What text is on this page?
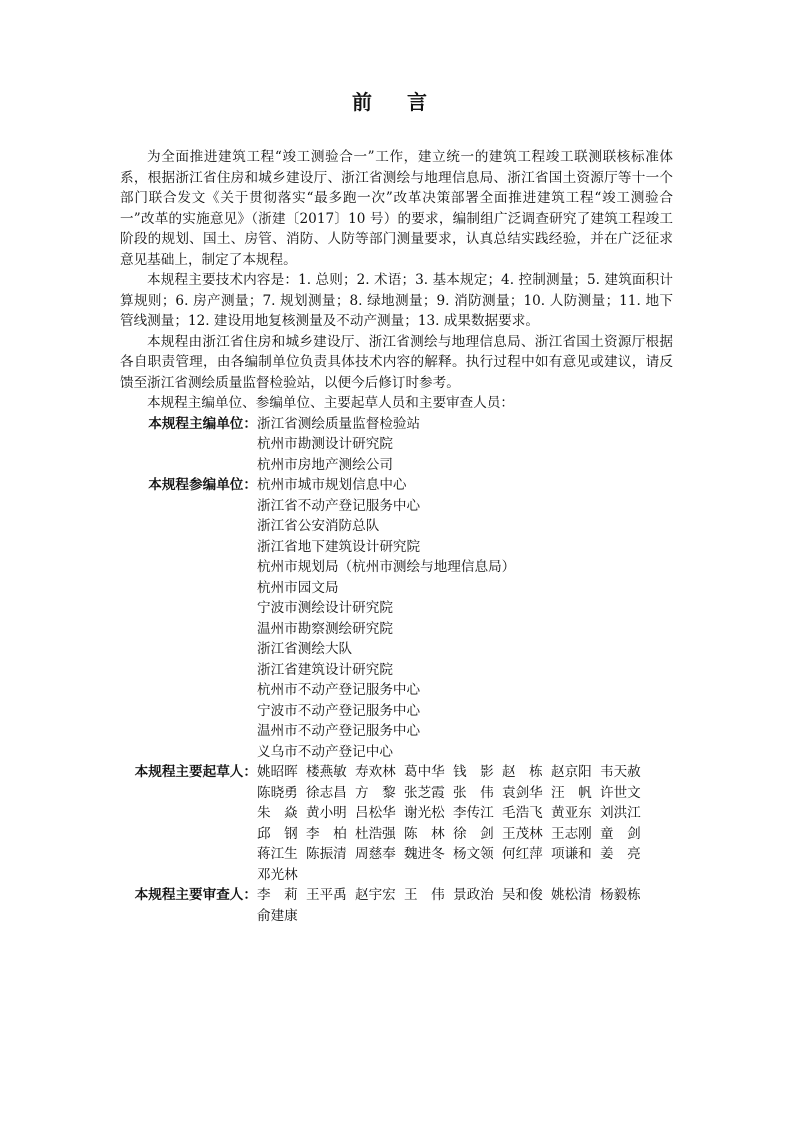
前 言

为全面推进建筑工程“竣工测验合一”工作，建立统一的建筑工程竣工联测联核标准体系，根据浙江省住房和城乡建设厅、浙江省测绘与地理信息局、浙江省国土资源厅等十一个部门联合发文《关于贯彻落实“最多跑一次”改革决策部署全面推进建筑工程“竣工测验合一”改革的实施意见》（浙建〔2017〕10 号）的要求，编制组广泛调查研究了建筑工程竣工阶段的规划、国土、房管、消防、人防等部门测量要求，认真总结实践经验，并在广泛征求意见基础上，制定了本规程。

本规程主要技术内容是：1. 总则；2. 术语；3. 基本规定；4. 控制测量；5. 建筑面积计算规则；6. 房产测量；7. 规划测量；8. 绿地测量；9. 消防测量；10. 人防测量；11. 地下管线测量；12. 建设用地复核测量及不动产测量；13. 成果数据要求。

本规程由浙江省住房和城乡建设厅、浙江省测绘与地理信息局、浙江省国土资源厅根据各自职责管理，由各编制单位负责具体技术内容的解释。执行过程中如有意见或建议，请反馈至浙江省测绘质量监督检验站，以便今后修订时参考。

本规程主编单位、参编单位、主要起草人员和主要审查人员：

本规程主编单位： 浙江省测绘质量监督检验站
杭州市勘测设计研究院
杭州市房地产测绘公司
本规程参编单位： 杭州市城市规划信息中心
浙江省不动产登记服务中心
浙江省公安消防总队
浙江省地下建筑设计研究院
杭州市规划局（杭州市测绘与地理信息局）
杭州市园文局
宁波市测绘设计研究院
温州市勘察测绘研究院
浙江省测绘大队
浙江省建筑设计研究院
杭州市不动产登记服务中心
宁波市不动产登记服务中心
温州市不动产登记服务中心
义乌市不动产登记中心
本规程主要起草人： 姚昭晖 楼燕敏 寿欢林 葛中华 钱　影 赵　栋 赵京阳 韦天赦
陈晓勇 徐志昌 方　黎 张芝霞 张　伟 袁剑华 汪　帆 许世文
朱　焱 黄小明 吕松华 谢光松 李传江 毛浩飞 黄亚东 刘洪江
邱　钢 李　柏 杜浩强 陈　林 徐　剑 王茂林 王志刚 童　剑
蒋江生 陈振清 周慈奉 魏进冬 杨文领 何红萍 项谦和 姜　亮
邓光林
本规程主要审查人： 李　莉 王平禹 赵宇宏 王　伟 景政治 吴和俊 姚松清 杨毅栋
俞建康
